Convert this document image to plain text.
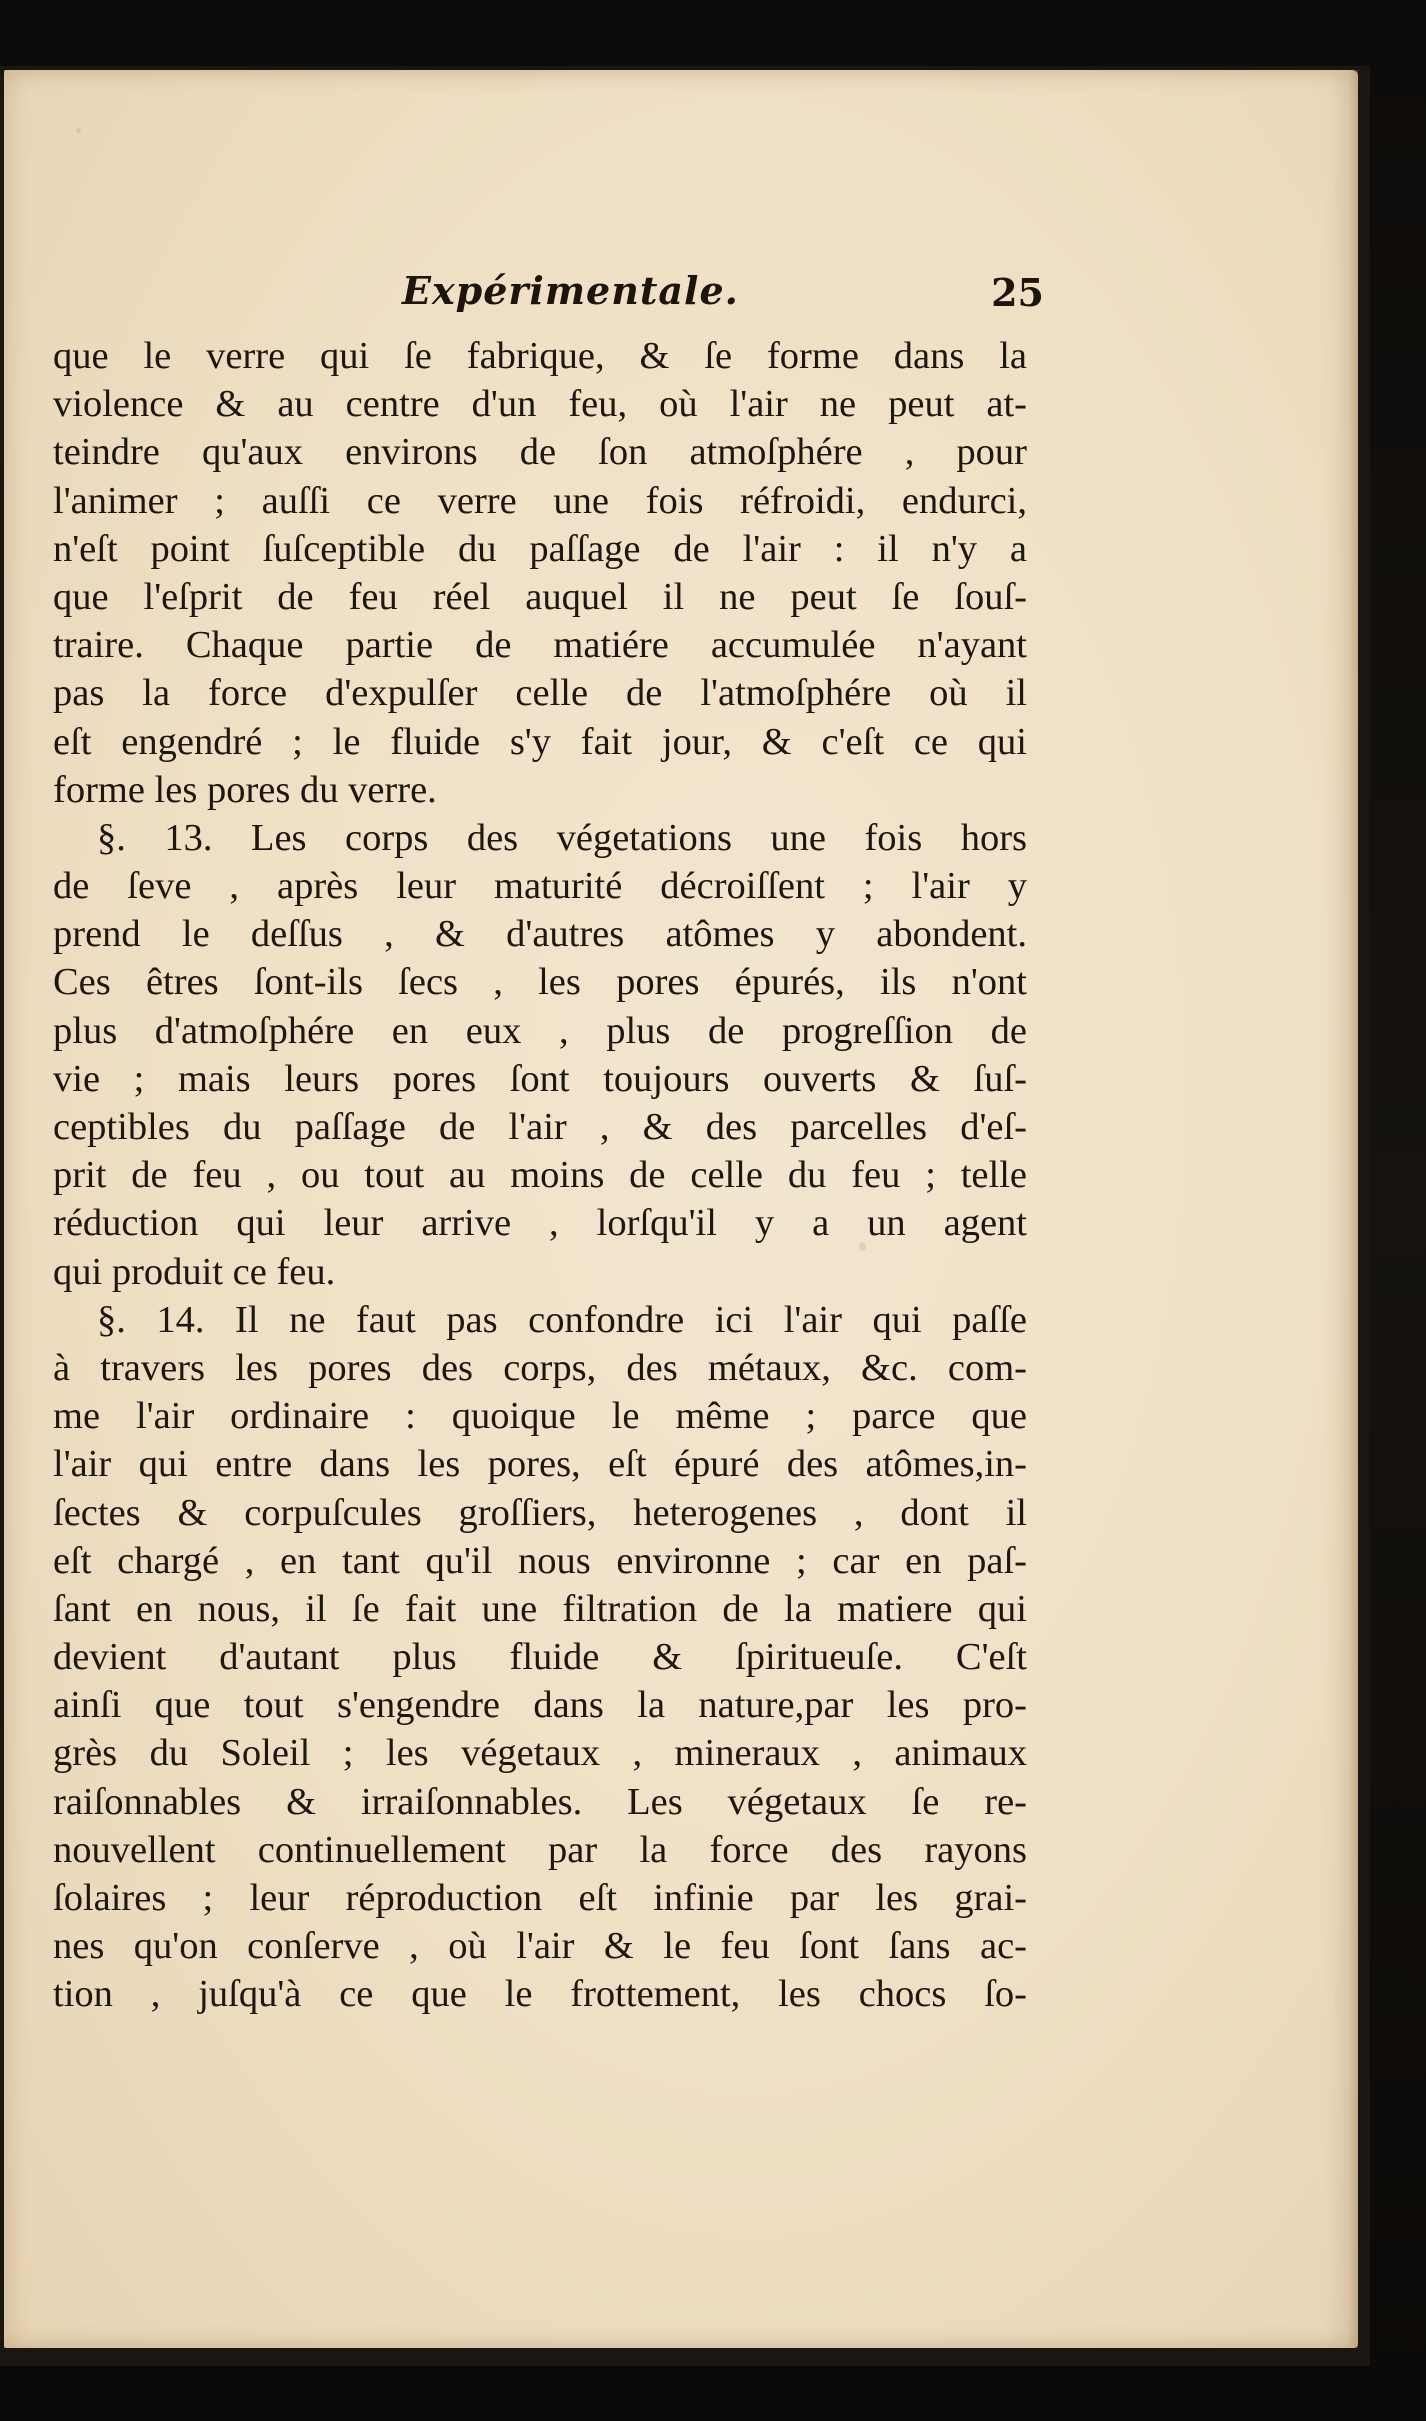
Expérimentale.	25
que le verre qui ſe fabrique, & ſe forme dans la
violence & au centre d'un feu, où l'air ne peut at-
teindre qu'aux environs de ſon atmoſphére , pour
l'animer ; auſſi ce verre une fois réfroidi, endurci,
n'eſt point ſuſceptible du paſſage de l'air : il n'y a
que l'eſprit de feu réel auquel il ne peut ſe ſouſ-
traire. Chaque partie de matiére accumulée n'ayant
pas la force d'expulſer celle de l'atmoſphére où il
eſt engendré ; le fluide s'y fait jour, & c'eſt ce qui
forme les pores du verre.
§. 13. Les corps des végetations une fois hors
de ſeve , après leur maturité décroiſſent ; l'air y
prend le deſſus , & d'autres atômes y abondent.
Ces êtres ſont-ils ſecs , les pores épurés, ils n'ont
plus d'atmoſphére en eux , plus de progreſſion de
vie ; mais leurs pores ſont toujours ouverts & ſuſ-
ceptibles du paſſage de l'air , & des parcelles d'eſ-
prit de feu , ou tout au moins de celle du feu ; telle
réduction qui leur arrive , lorſqu'il y a un agent
qui produit ce feu.
§. 14. Il ne faut pas confondre ici l'air qui paſſe
à travers les pores des corps, des métaux, &c. com-
me l'air ordinaire : quoique le même ; parce que
l'air qui entre dans les pores, eſt épuré des atômes,in-
ſectes & corpuſcules groſſiers, heterogenes , dont il
eſt chargé , en tant qu'il nous environne ; car en paſ-
ſant en nous, il ſe fait une filtration de la matiere qui
devient d'autant plus fluide & ſpiritueuſe. C'eſt
ainſi que tout s'engendre dans la nature,par les pro-
grès du Soleil ; les végetaux , mineraux , animaux
raiſonnables & irraiſonnables. Les végetaux ſe re-
nouvellent continuellement par la force des rayons
ſolaires ; leur réproduction eſt infinie par les grai-
nes qu'on conſerve , où l'air & le feu ſont ſans ac-
tion , juſqu'à ce que le frottement, les chocs ſo-
